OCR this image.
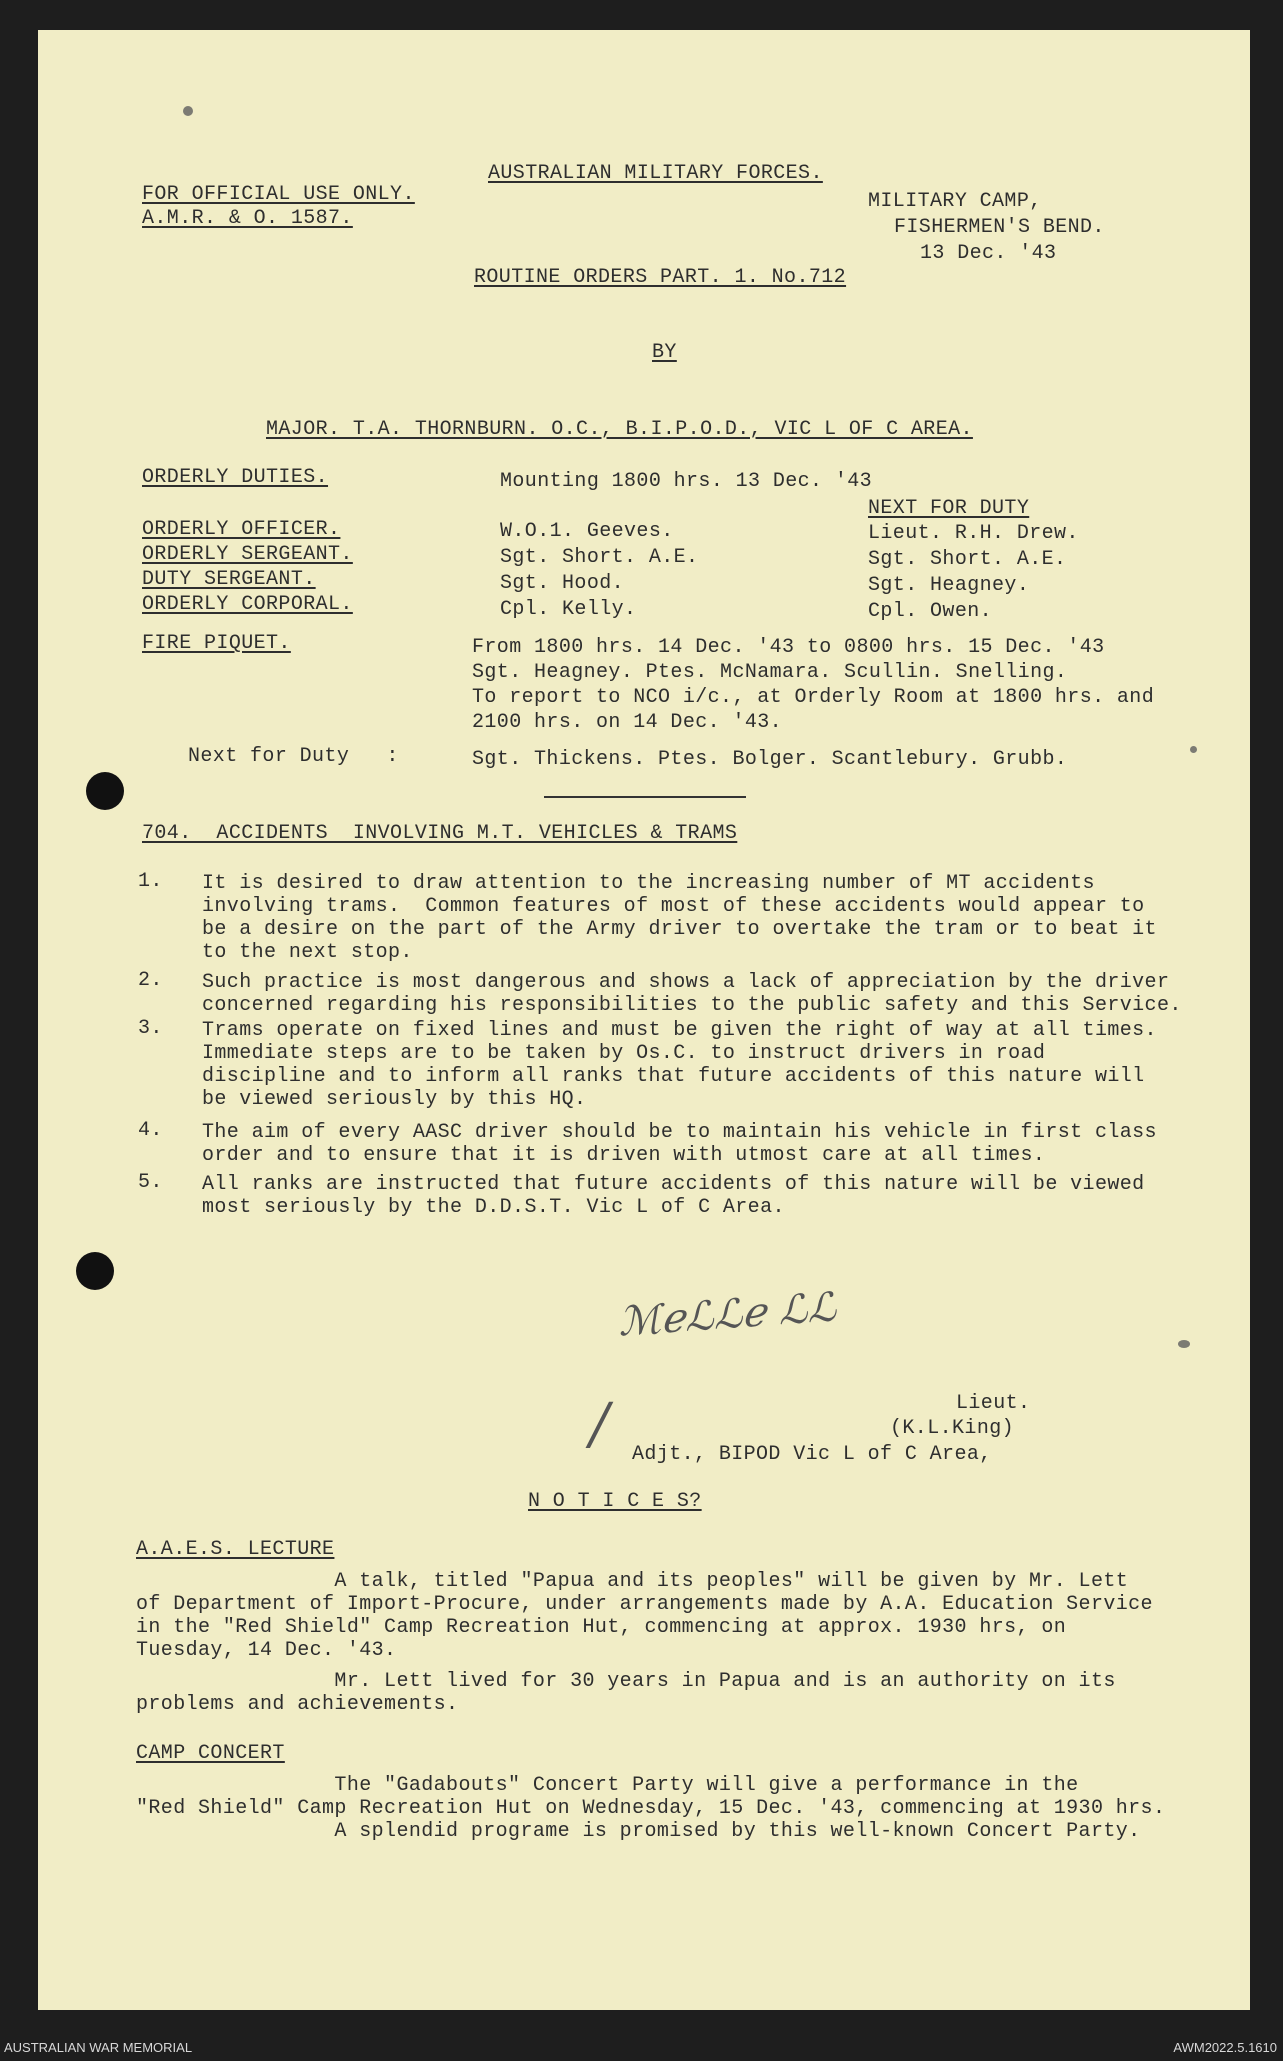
AUSTRALIAN MILITARY FORCES.
FOR OFFICIAL USE ONLY.
A.M.R. & O. 1587.
MILITARY CAMP,
FISHERMEN'S BEND.
13 Dec. '43
ROUTINE ORDERS PART. 1. No.712
BY
MAJOR. T.A. THORNBURN. O.C., B.I.P.O.D., VIC L OF C AREA.
ORDERLY DUTIES.	Mounting 1800 hrs. 13 Dec. '43
NEXT FOR DUTY
ORDERLY OFFICER.	W.O.1. Geeves.	Lieut. R.H. Drew.
ORDERLY SERGEANT.	Sgt. Short. A.E.	Sgt. Short. A.E.
DUTY SERGEANT.	Sgt. Hood.	Sgt. Heagney.
ORDERLY CORPORAL.	Cpl. Kelly.	Cpl. Owen.
FIRE PIQUET.	From 1800 hrs. 14 Dec. '43 to 0800 hrs. 15 Dec. '43
Sgt. Heagney. Ptes. McNamara. Scullin. Snelling.
To report to NCO i/c., at Orderly Room at 1800 hrs. and
2100 hrs. on 14 Dec. '43.
Next for Duty   :	Sgt. Thickens. Ptes. Bolger. Scantlebury. Grubb.
704.  ACCIDENTS  INVOLVING M.T. VEHICLES & TRAMS
1. It is desired to draw attention to the increasing number of MT accidents
involving trams.  Common features of most of these accidents would appear to
be a desire on the part of the Army driver to overtake the tram or to beat it
to the next stop.
2. Such practice is most dangerous and shows a lack of appreciation by the driver
concerned regarding his responsibilities to the public safety and this Service.
3. Trams operate on fixed lines and must be given the right of way at all times.
Immediate steps are to be taken by Os.C. to instruct drivers in road
discipline and to inform all ranks that future accidents of this nature will
be viewed seriously by this HQ.
4. The aim of every AASC driver should be to maintain his vehicle in first class
order and to ensure that it is driven with utmost care at all times.
5. All ranks are instructed that future accidents of this nature will be viewed
most seriously by the D.D.S.T. Vic L of C Area.
ℳℯℒℒℯ ℒℒ
/	Lieut.
(K.L.King)
Adjt., BIPOD Vic L of C Area,
N O T I C E S?
A.A.E.S. LECTURE
A talk, titled "Papua and its peoples" will be given by Mr. Lett
of Department of Import-Procure, under arrangements made by A.A. Education Service
in the "Red Shield" Camp Recreation Hut, commencing at approx. 1930 hrs, on
Tuesday, 14 Dec. '43.
Mr. Lett lived for 30 years in Papua and is an authority on its
problems and achievements.
CAMP CONCERT
The "Gadabouts" Concert Party will give a performance in the
"Red Shield" Camp Recreation Hut on Wednesday, 15 Dec. '43, commencing at 1930 hrs.
A splendid programe is promised by this well-known Concert Party.
AUSTRALIAN WAR MEMORIAL	AWM2022.5.1610
